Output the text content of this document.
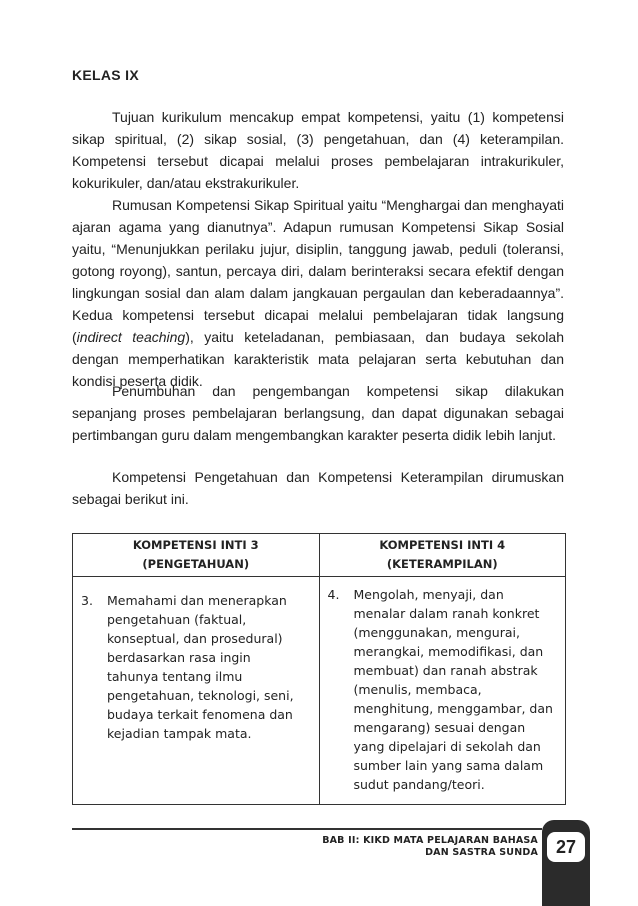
KELAS IX

Tujuan kurikulum mencakup empat kompetensi, yaitu (1) kompetensi sikap spiritual, (2) sikap sosial, (3) pengetahuan, dan (4) keterampilan. Kompetensi tersebut dicapai melalui proses pembelajaran intrakurikuler, kokurikuler, dan/atau ekstrakurikuler.

Rumusan Kompetensi Sikap Spiritual yaitu “Menghargai dan menghayati ajaran agama yang dianutnya”. Adapun rumusan Kompetensi Sikap Sosial yaitu, “Menunjukkan perilaku jujur, disiplin, tanggung jawab, peduli (toleransi, gotong royong), santun, percaya diri, dalam berinteraksi secara efektif dengan lingkungan sosial dan alam dalam jangkauan pergaulan dan keberadaannya”. Kedua kompetensi tersebut dicapai melalui pembelajaran tidak langsung (indirect teaching), yaitu keteladanan, pembiasaan, dan budaya sekolah dengan memperhatikan karakteristik mata pelajaran serta kebutuhan dan kondisi peserta didik.

Penumbuhan dan pengembangan kompetensi sikap dilakukan sepanjang proses pembelajaran berlangsung, dan dapat digunakan sebagai pertimbangan guru dalam mengembangkan karakter peserta didik lebih lanjut.

Kompetensi Pengetahuan dan Kompetensi Keterampilan dirumuskan sebagai berikut ini.

KOMPETENSI INTI 3 (PENGETAHUAN)	KOMPETENSI INTI 4 (KETERAMPILAN)

3. Memahami dan menerapkan pengetahuan (faktual, konseptual, dan prosedural) berdasarkan rasa ingin tahunya tentang ilmu pengetahuan, teknologi, seni, budaya terkait fenomena dan kejadian tampak mata.	4. Mengolah, menyaji, dan menalar dalam ranah konkret (menggunakan, mengurai, merangkai, memodifikasi, dan membuat) dan ranah abstrak (menulis, membaca, menghitung, menggambar, dan mengarang) sesuai dengan yang dipelajari di sekolah dan sumber lain yang sama dalam sudut pandang/teori.
BAB II: KIKD MATA PELAJARAN BAHASA
DAN SASTRA SUNDA 27
